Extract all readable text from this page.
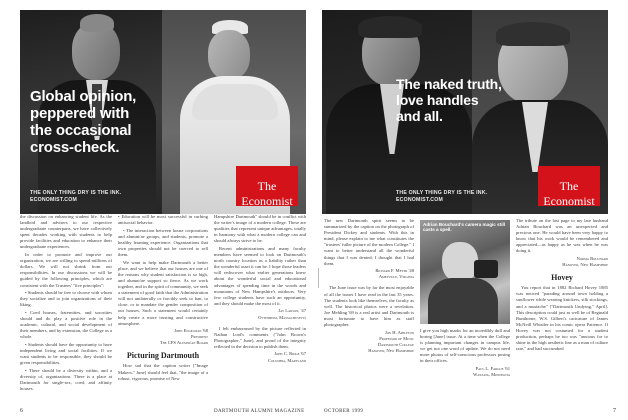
Global opinion,
peppered with
the occasional
cross-check.
THE ONLY THING DRY IS THE INK.
ECONOMIST.COM
The Economist

the discussion on enhancing student life. As the landlord and advisers to our respective undergraduate counterparts, we have collectively spent decades working with students to help provide facilities and education to enhance their undergraduate experiences.

In order to promote and improve our organization, we are willing to spend millions of dollars. We will not shrink from our responsibilities. In our discussions we will be guided by the following principles, which are consistent with the Trustees' "five principles":

• Students should be free to choose with whom they socialize and to join organizations of their liking.

• Coed houses, fraternities, and sororities should and do play a positive role in the academic, cultural, and social development of their members, and by extension, the College as a whole.

• Students should have the opportunity to have independent living and social facilities. If we want students to be responsible, they should be given responsibilities.

• There should be a diversity within, and a diversity of, organizations. There is a place at Dartmouth for single-sex, coed, and affinity houses.

• Education will be most successful in curbing antisocial behavior.

• The interaction between house corporations and alumni/ae groups, and students, promote a healthy learning experience. Organizations that own properties should not be coerced to sell them.

We want to help make Dartmouth a better place, and we believe that our houses are one of the reasons why student satisfaction is so high, and alumni/ae support so fierce. As we work together, and in the spirit of community, we seek a statement of good faith that the Administration will not unilaterally or forcibly seek to ban, to close, or to mandate the gender composition of our houses. Such a statement would certainly help create a more trusting and constructive atmosphere.

John Engelman '68
President
The CFS Alumni/ae Board
Picturing Dartmouth

How sad that the caption writer ["Image Makers," June] should feel that, "the image of a robust, vigorous, promise of New

Hampshire Dartmouth" should be in conflict with the writer's image of a modern college. These are qualities that represent unique advantages, totally in harmony with what a modern college can and should always strive to be.

Recent administrations and many faculty members have seemed to look on Dartmouth's north country location as a liability rather than the wonderful asset it can be. I hope those leaders will rediscover what earlier generations knew about the wonderful social and educational advantages of spending time in the woods and mountains of New Hampshire's outdoors. Very few college students have such an opportunity, and they should make the most of it.

Jay Larson, '47
Ottenheim, Massachusetts

I felt embarrassed by the picture reflected in Nathan Lord's comments ("John Brown's Photographer," June), and proud of the integrity reflected in the decision to publish them.

John C. Ridge '67
Columbia, Maryland
6	DARTMOUTH ALUMNI MAGAZINE
The naked truth,
love handles
and all.
THE ONLY THING DRY IS THE INK.
ECONOMIST.COM
The Economist

The new Dartmouth spirit seems to be summarized by the caption on the photograph of President Dickey and students. With this in mind, please explain to me what constitutes the "trustees' fuller picture of the modern College." I want to better understand all the wonderful things that I was denied; I thought that I had them.

Richard F. Meyer '48
Amesville, Virginia

The June issue was by far the most enjoyable of all the issues I have read in the last 35 years. The students look like themselves, the faculty as well. The historical photos were a revelation. Joe Mehling '69 is a real artist and Dartmouth is most fortunate to have him as staff photographer.

Jon H. Appleton
Professor of Music
Dartmouth College
Hanover, New Hampshire
Adrian Bouchard's camera magic still casts a spell.

I give you high marks for an incredibly dull and boring [June] issue. At a time when the College is planning important changes in campus life, we get not one word of update. We do not need more photos of self-conscious professors posing in their offices.

Paul L. Fargue '61
Wayzata, Minnesota

The tribute on the last page to my late husband Adrian Bouchard was an unexpected and precious one. He would have been very happy to know that his work would be remembered and appreciated—as happy as he was when he was doing it.

Norma Bouchard
Hanover, New Hampshire
Hovey

You report that in 1882 Richard Hovey 1885 was noticed "parading around town holding a sunflower while wearing knickers, silk stockings, and a mustache" ["Dartmouth Undying," April]. This description could just as well be of Reginald Bunthorne, W.S. Gilbert's caricature of James McNeill Whistler in his comic opera Patience. If Hovey was not costumed for a student production, perhaps he too was "anxious for to shine in the high aesthetic line as a man of culture rare," and had succumbed

OCTOBER 1999	7
